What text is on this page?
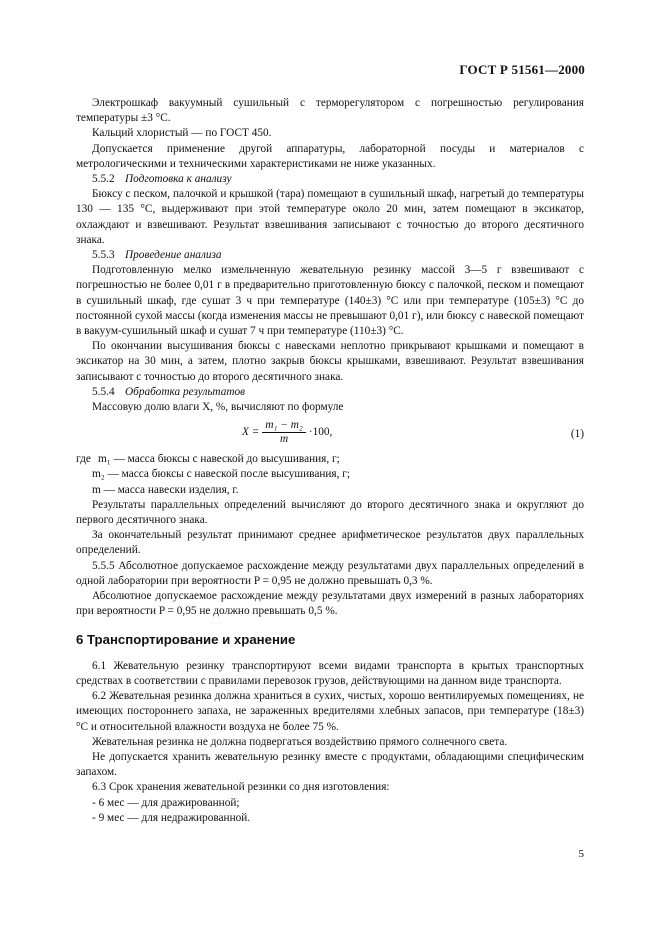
ГОСТ Р 51561—2000

Электрошкаф вакуумный сушильный с терморегулятором с погрешностью регулирования температуры ±3 °C.

Кальций хлористый — по ГОСТ 450.

Допускается применение другой аппаратуры, лабораторной посуды и материалов с метрологическими и техническими характеристиками не ниже указанных.

5.5.2 Подготовка к анализу

Бюксу с песком, палочкой и крышкой (тара) помещают в сушильный шкаф, нагретый до температуры 130 — 135 °C, выдерживают при этой температуре около 20 мин, затем помещают в эксикатор, охлаждают и взвешивают. Результат взвешивания записывают с точностью до второго десятичного знака.

5.5.3 Проведение анализа

Подготовленную мелко измельченную жевательную резинку массой 3—5 г взвешивают с погрешностью не более 0,01 г в предварительно приготовленную бюксу с палочкой, песком и помещают в сушильный шкаф, где сушат 3 ч при температуре (140±3) °C или при температуре (105±3) °C до постоянной сухой массы (когда изменения массы не превышают 0,01 г), или бюксу с навеской помещают в вакуум-сушильный шкаф и сушат 7 ч при температуре (110±3) °C.

По окончании высушивания бюксы с навесками неплотно прикрывают крышками и помещают в эксикатор на 30 мин, а затем, плотно закрыв бюксы крышками, взвешивают. Результат взвешивания записывают с точностью до второго десятичного знака.

5.5.4 Обработка результатов

Массовую долю влаги X, %, вычисляют по формуле

$X = \frac{\text{m₁ − m₂}}{m} \cdot 100$,	(1)

где m₁ — масса бюксы с навеской до высушивания, г;

m₂ — масса бюксы с навеской после высушивания, г;

m — масса навески изделия, г.

Результаты параллельных определений вычисляют до второго десятичного знака и округляют до первого десятичного знака.

За окончательный результат принимают среднее арифметическое результатов двух параллельных определений.

5.5.5 Абсолютное допускаемое расхождение между результатами двух параллельных определений в одной лаборатории при вероятности P = 0,95 не должно превышать 0,3 %.

Абсолютное допускаемое расхождение между результатами двух измерений в разных лабораториях при вероятности P = 0,95 не должно превышать 0,5 %.

6 Транспортирование и хранение

6.1 Жевательную резинку транспортируют всеми видами транспорта в крытых транспортных средствах в соответствии с правилами перевозок грузов, действующими на данном виде транспорта.

6.2 Жевательная резинка должна храниться в сухих, чистых, хорошо вентилируемых помещениях, не имеющих постороннего запаха, не зараженных вредителями хлебных запасов, при температуре (18±3) °C и относительной влажности воздуха не более 75 %.

Жевательная резинка не должна подвергаться воздействию прямого солнечного света.

Не допускается хранить жевательную резинку вместе с продуктами, обладающими специфическим запахом.

6.3 Срок хранения жевательной резинки со дня изготовления:

- 6 мес — для дражированной;

- 9 мес — для недражированной.

5
